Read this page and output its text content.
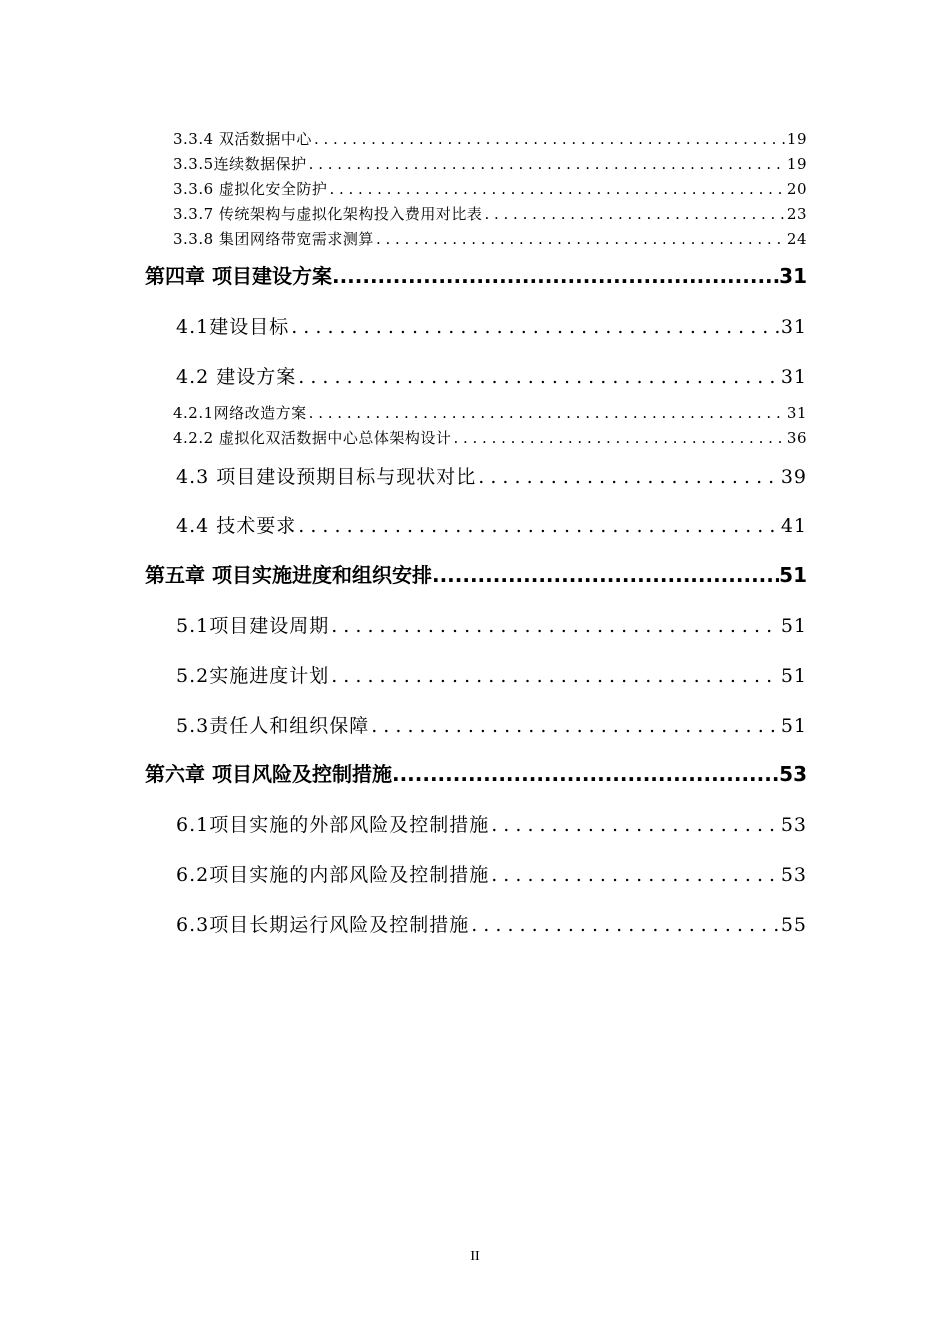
3.3.4 双活数据中心 . . .	19
3.3.5连续数据保护 . . .	19
3.3.6 虚拟化安全防护 . . .	20
3.3.7 传统架构与虚拟化架构投入费用对比表 . . .	23
3.3.8 集团网络带宽需求测算 . . .	24
第四章 项目建设方案 .....	31
4.1建设目标 . . .	31
4.2 建设方案 . . .	31
4.2.1网络改造方案 . . .	31
4.2.2 虚拟化双活数据中心总体架构设计 . . .	36
4.3 项目建设预期目标与现状对比 . . .	39
4.4 技术要求 . . .	41
第五章 项目实施进度和组织安排 .....	51
5.1项目建设周期 . . .	51
5.2实施进度计划 . . .	51
5.3责任人和组织保障 . . .	51
第六章 项目风险及控制措施 .....	53
6.1项目实施的外部风险及控制措施 . . .	53
6.2项目实施的内部风险及控制措施 . . .	53
6.3项目长期运行风险及控制措施 . . .	55
II
